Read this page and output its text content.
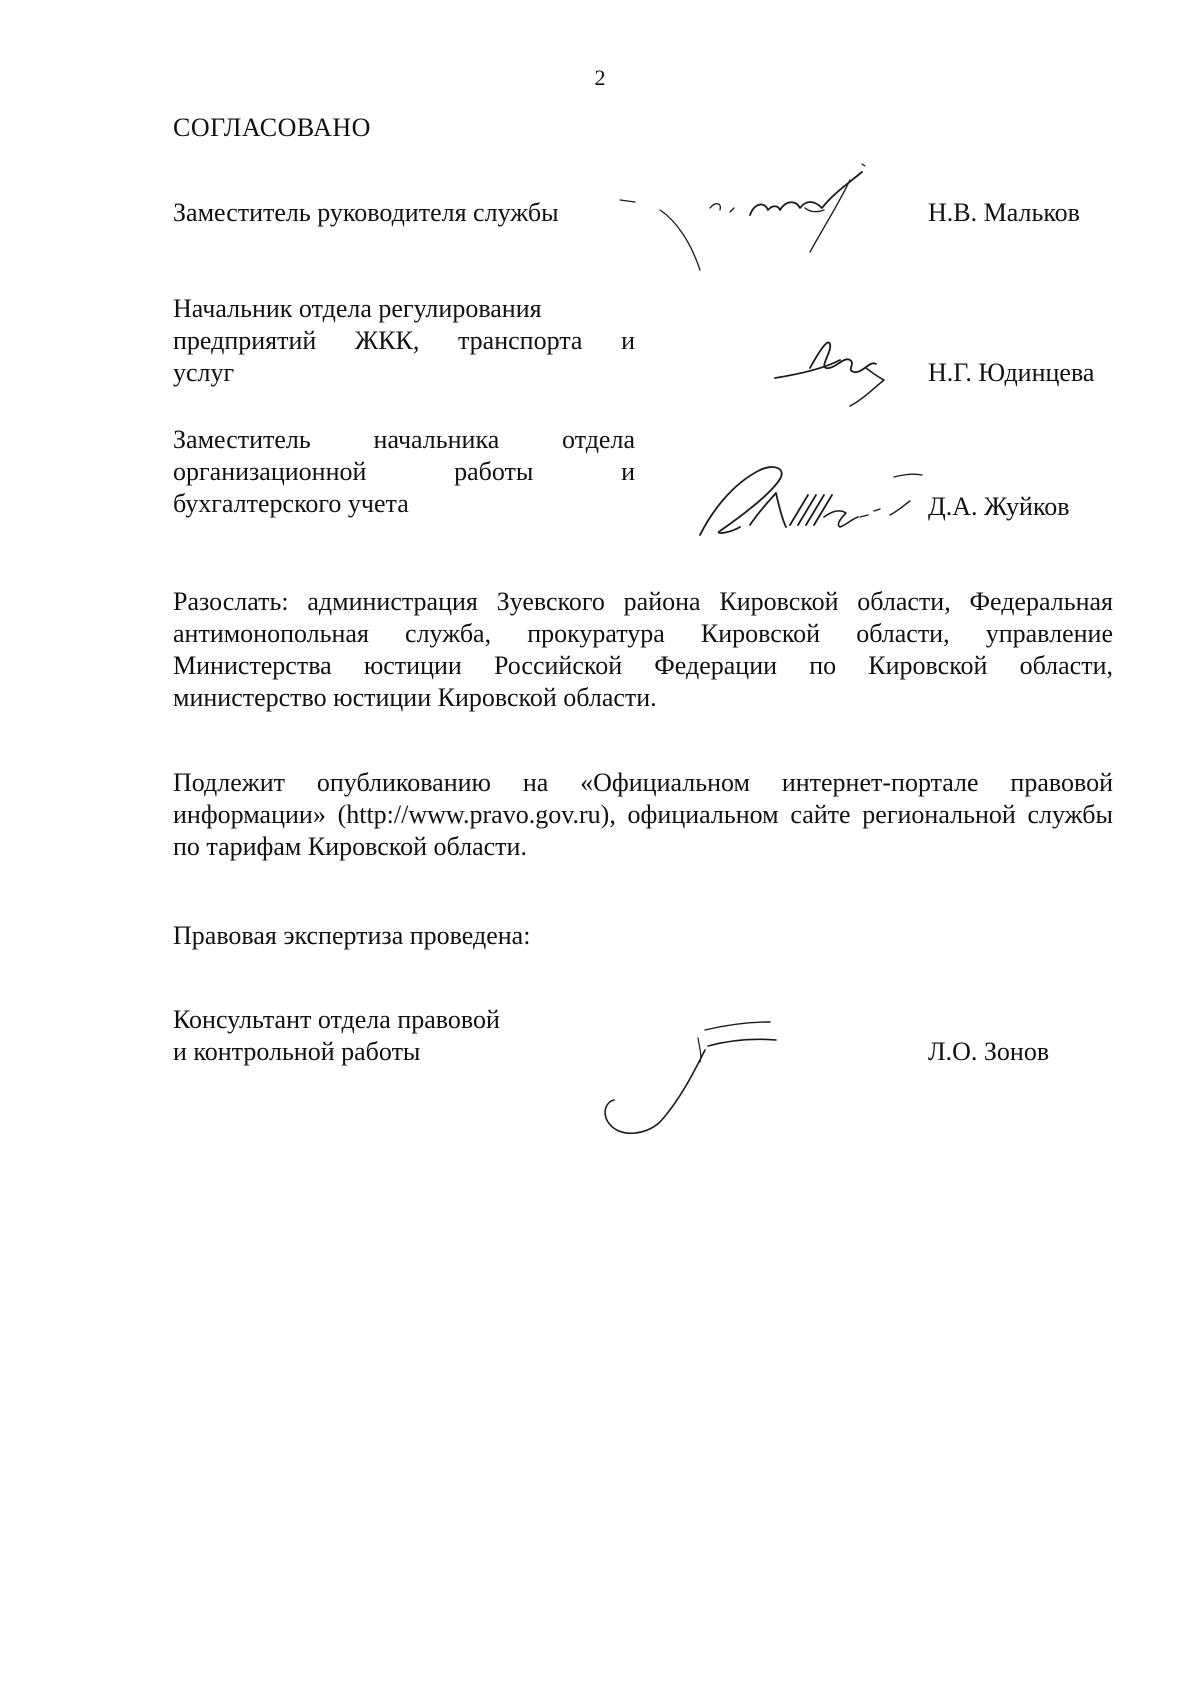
2
СОГЛАСОВАНО
Заместитель руководителя службы	Н.В. Мальков
Начальник отдела регулирования
предприятий ЖКК, транспорта и
услуг	Н.Г. Юдинцева
Заместитель начальника отдела
организационной работы и
бухгалтерского учета	Д.А. Жуйков
Разослать: администрация Зуевского района Кировской области, Федеральная антимонопольная служба, прокуратура Кировской области, управление Министерства юстиции Российской Федерации по Кировской области, министерство юстиции Кировской области.
Подлежит опубликованию на «Официальном интернет-портале правовой информации» (http://www.pravo.gov.ru), официальном сайте региональной службы по тарифам Кировской области.
Правовая экспертиза проведена:
Консультант отдела правовой
и контрольной работы	Л.О. Зонов
